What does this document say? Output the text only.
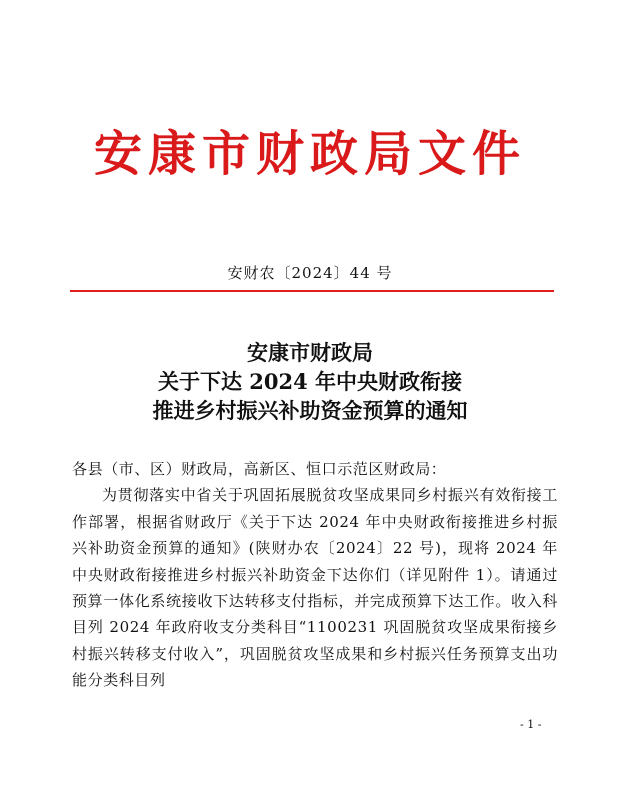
安康市财政局文件
安财农〔2024〕44 号
安康市财政局
关于下达 2024 年中央财政衔接
推进乡村振兴补助资金预算的通知

各县（市、区）财政局，高新区、恒口示范区财政局：

为贯彻落实中省关于巩固拓展脱贫攻坚成果同乡村振兴有效衔接工作部署，根据省财政厅《关于下达 2024 年中央财政衔接推进乡村振兴补助资金预算的通知》(陕财办农〔2024〕22 号)，现将 2024 年中央财政衔接推进乡村振兴补助资金下达你们（详见附件 1）。请通过预算一体化系统接收下达转移支付指标，并完成预算下达工作。收入科目列 2024 年政府收支分类科目“1100231 巩固脱贫攻坚成果衔接乡村振兴转移支付收入”，巩固脱贫攻坚成果和乡村振兴任务预算支出功能分类科目列

- 1 -
